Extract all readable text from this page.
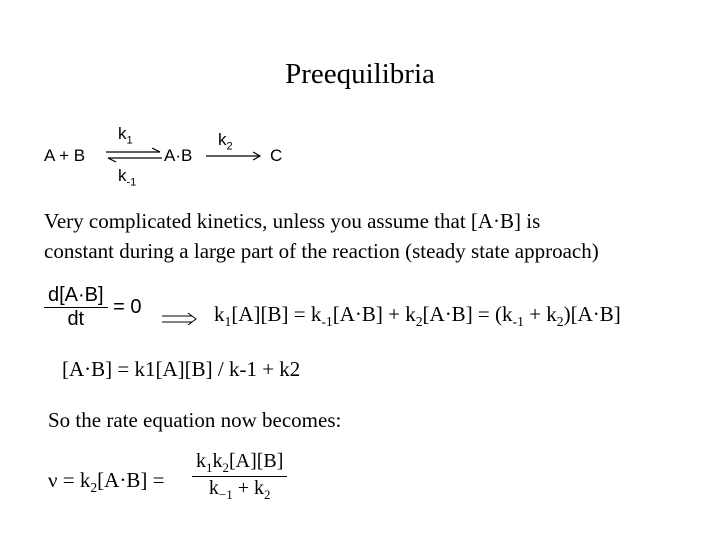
Preequilibria
A + B
$k_1$
$k_{-1}$
⇌ A·B
$k_2$ C
Very complicated kinetics, unless you assume that [A·B] is
constant during a large part of the reaction (steady state approach)
$\frac{d[A\cdot B]}{dt} = 0$	$k_1[A][B] = k_{-1}[A\cdot B] + k_2[A\cdot B] = (k_{-1} + k_2)[A\cdot B]$
[A·B] = k1[A][B] / k-1 + k2
So the rate equation now becomes:
$\nu = k_2[A\cdot B] = \frac{k_1k_2[A][B]}{k_{-1} + k_2}$
